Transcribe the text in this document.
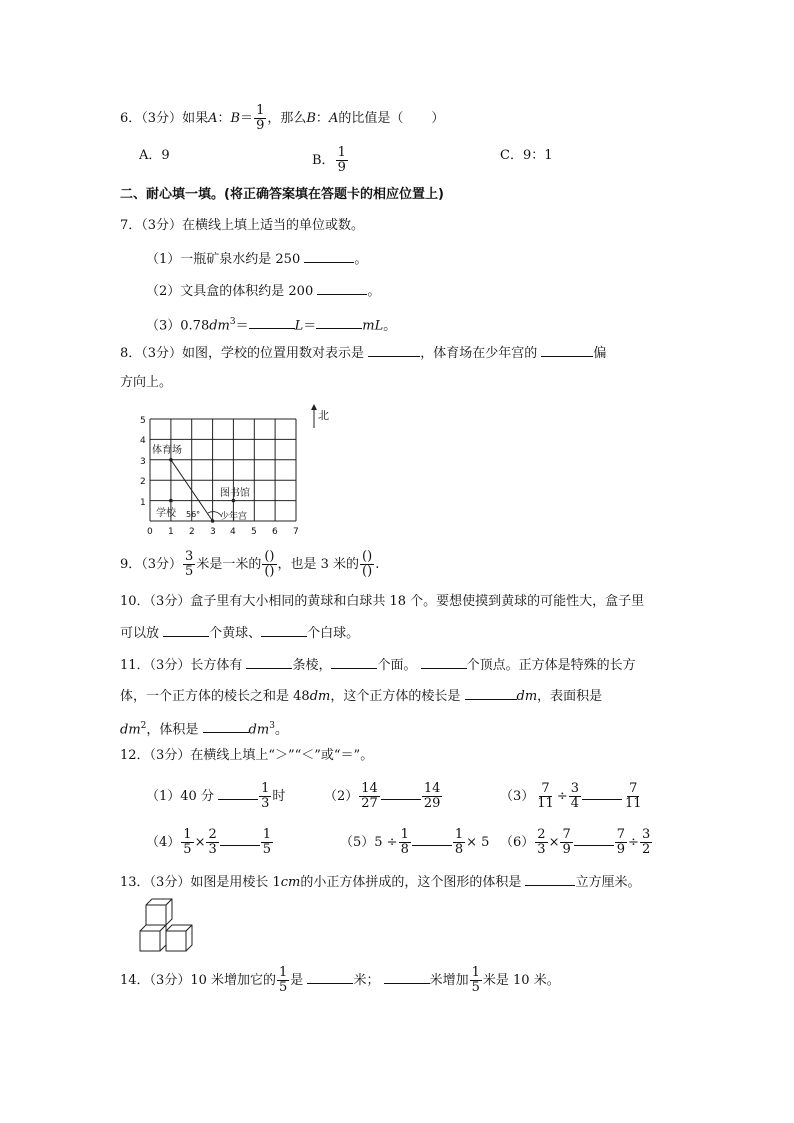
6．（3分）如果A：$B= \frac{1}{9}$ ，那么B：A的比值是（ ）
A．9	B． $\frac{1}{9}$	C．9：1
二、耐心填一填。(将正确答案填在答题卡的相应位置上)
7．（3分）在横线上填上适当的单位或数。
（1）一瓶矿泉水约是 250	。
（2）文具盒的体积约是 200	。
$(3)0.78dm^3=$	L＝	mL。
8．（3分）如图，学校的位置用数对表示是	，体育场在少年宫的	偏
方向上。
5
4
3
2
1
0 1 2 3 4 5 6 7
体育场
学校 56°
图书馆
少年宫
北
9．（3分） $\frac{3}{5}$ 米是一米的 $\frac{()}{()}$ ，也是 3 米的 $\frac{()}{()}$ .
10．（3分）盒子里有大小相同的黄球和白球共 18 个。要想使摸到黄球的可能性大，盒子里
可以放	个黄球、	个白球。
11．（3分）长方体有	条棱，	个面。	个顶点。正方体是特殊的长方
体，一个正方体的棱长之和是 48dm，这个正方体的棱长是	dm，表面积是
$dm^2$，体积是	$dm^3$。
12．（3分）在横线上填上“＞”“＜”或“＝”。
（1）40 分	$\frac{1}{3}$ 时	$(2) \frac{14}{27}$	$\frac{14}{29}$	$(3) \frac{7}{11} \div \frac{3}{4}$	$\frac{7}{11}$
$(4) \frac{1}{5} \times \frac{2}{3}$	$\frac{1}{5}$	$(5)5 \div \frac{1}{8}$	$\frac{1}{8} \times 5$ $(6) \frac{2}{3} \times \frac{7}{9}$	$\frac{7}{9} \div \frac{3}{2}$
13．（3分）如图是用棱长 1cm的小正方体拼成的，这个图形的体积是	立方厘米。
14．（3分）10 米增加它的 $\frac{1}{5}$ 是	米；	米增加 $\frac{1}{5}$ 米是 10 米。
